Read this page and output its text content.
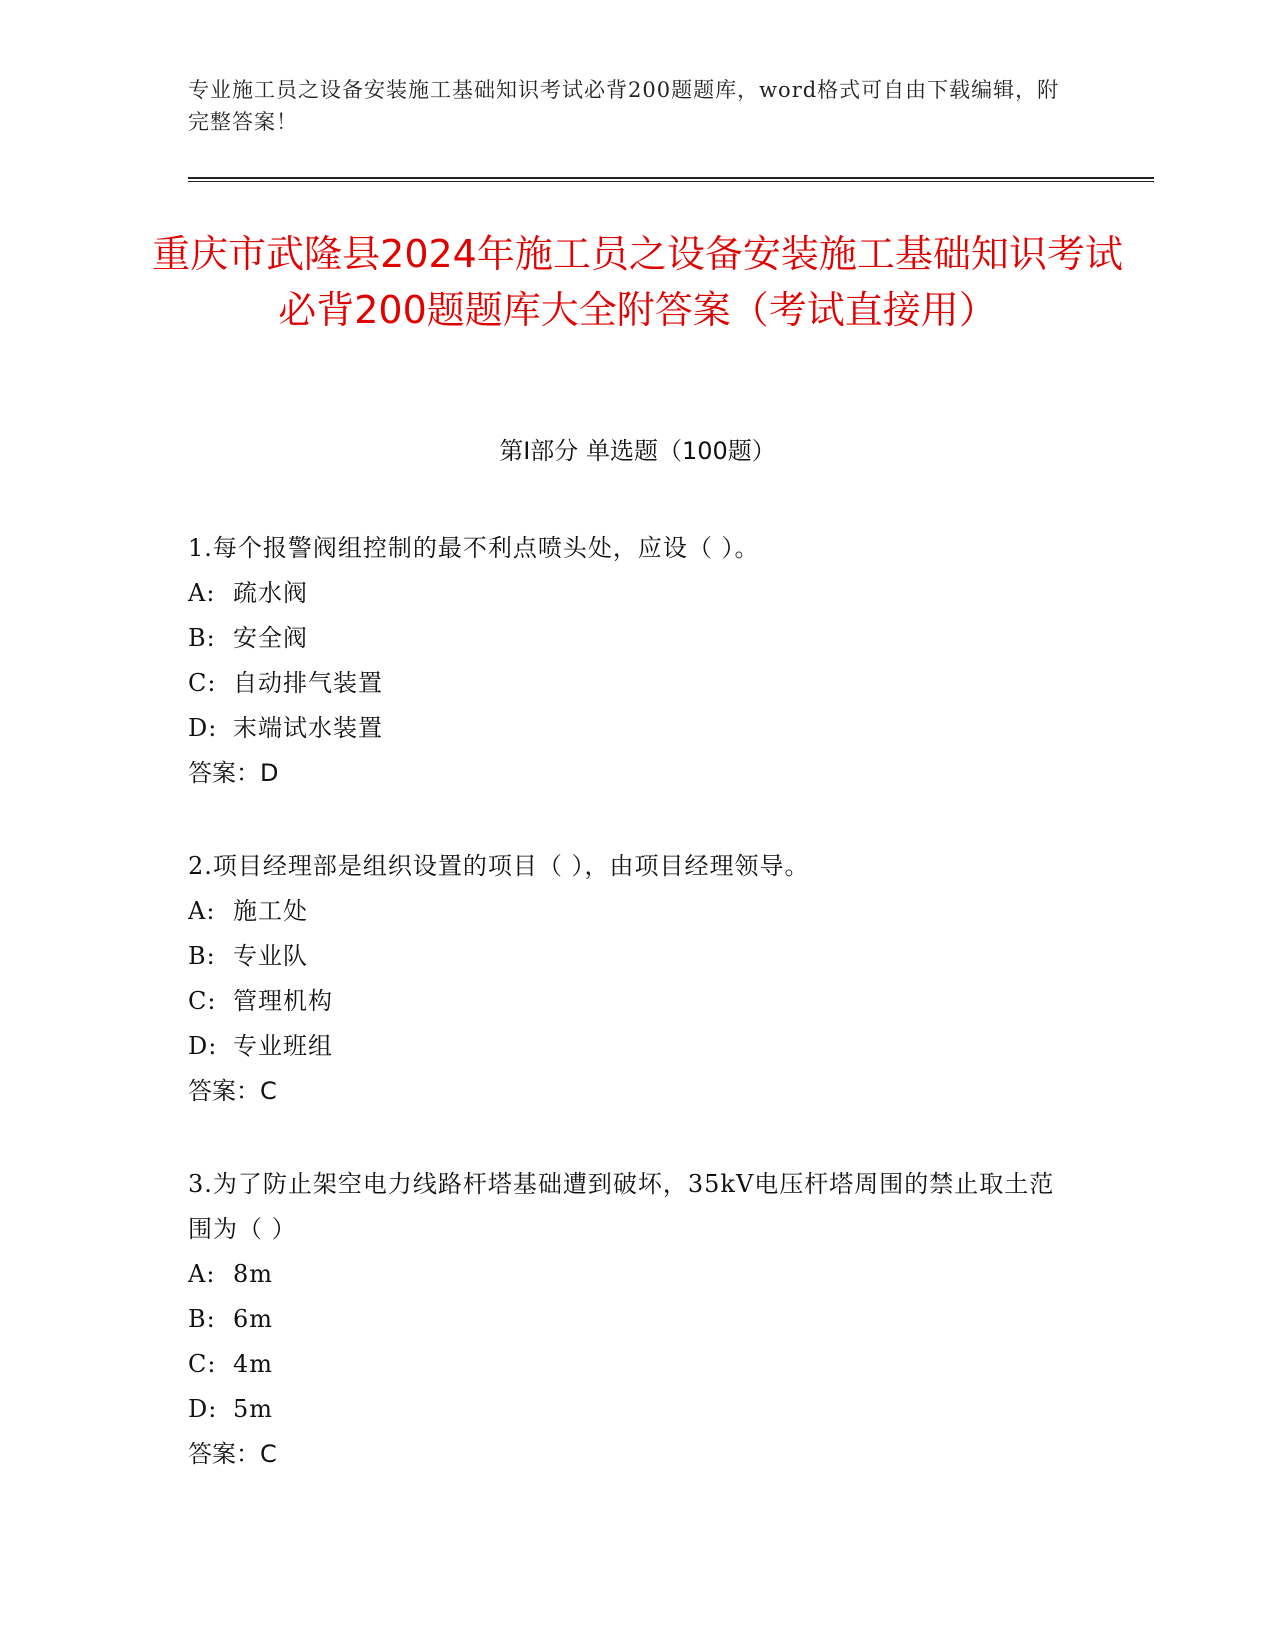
专业施工员之设备安装施工基础知识考试必背200题题库，word格式可自由下载编辑，附完整答案！
重庆市武隆县2024年施工员之设备安装施工基础知识考试必背200题题库大全附答案（考试直接用）
第I部分 单选题（100题）
1.每个报警阀组控制的最不利点喷头处，应设（ ）。
A: 疏水阀
B: 安全阀
C: 自动排气装置
D: 末端试水装置
答案：D
2.项目经理部是组织设置的项目（ ），由项目经理领导。
A: 施工处
B: 专业队
C: 管理机构
D: 专业班组
答案：C
3.为了防止架空电力线路杆塔基础遭到破坏，35kV电压杆塔周围的禁止取土范围为（ ）
A: 8m
B: 6m
C: 4m
D: 5m
答案：C
